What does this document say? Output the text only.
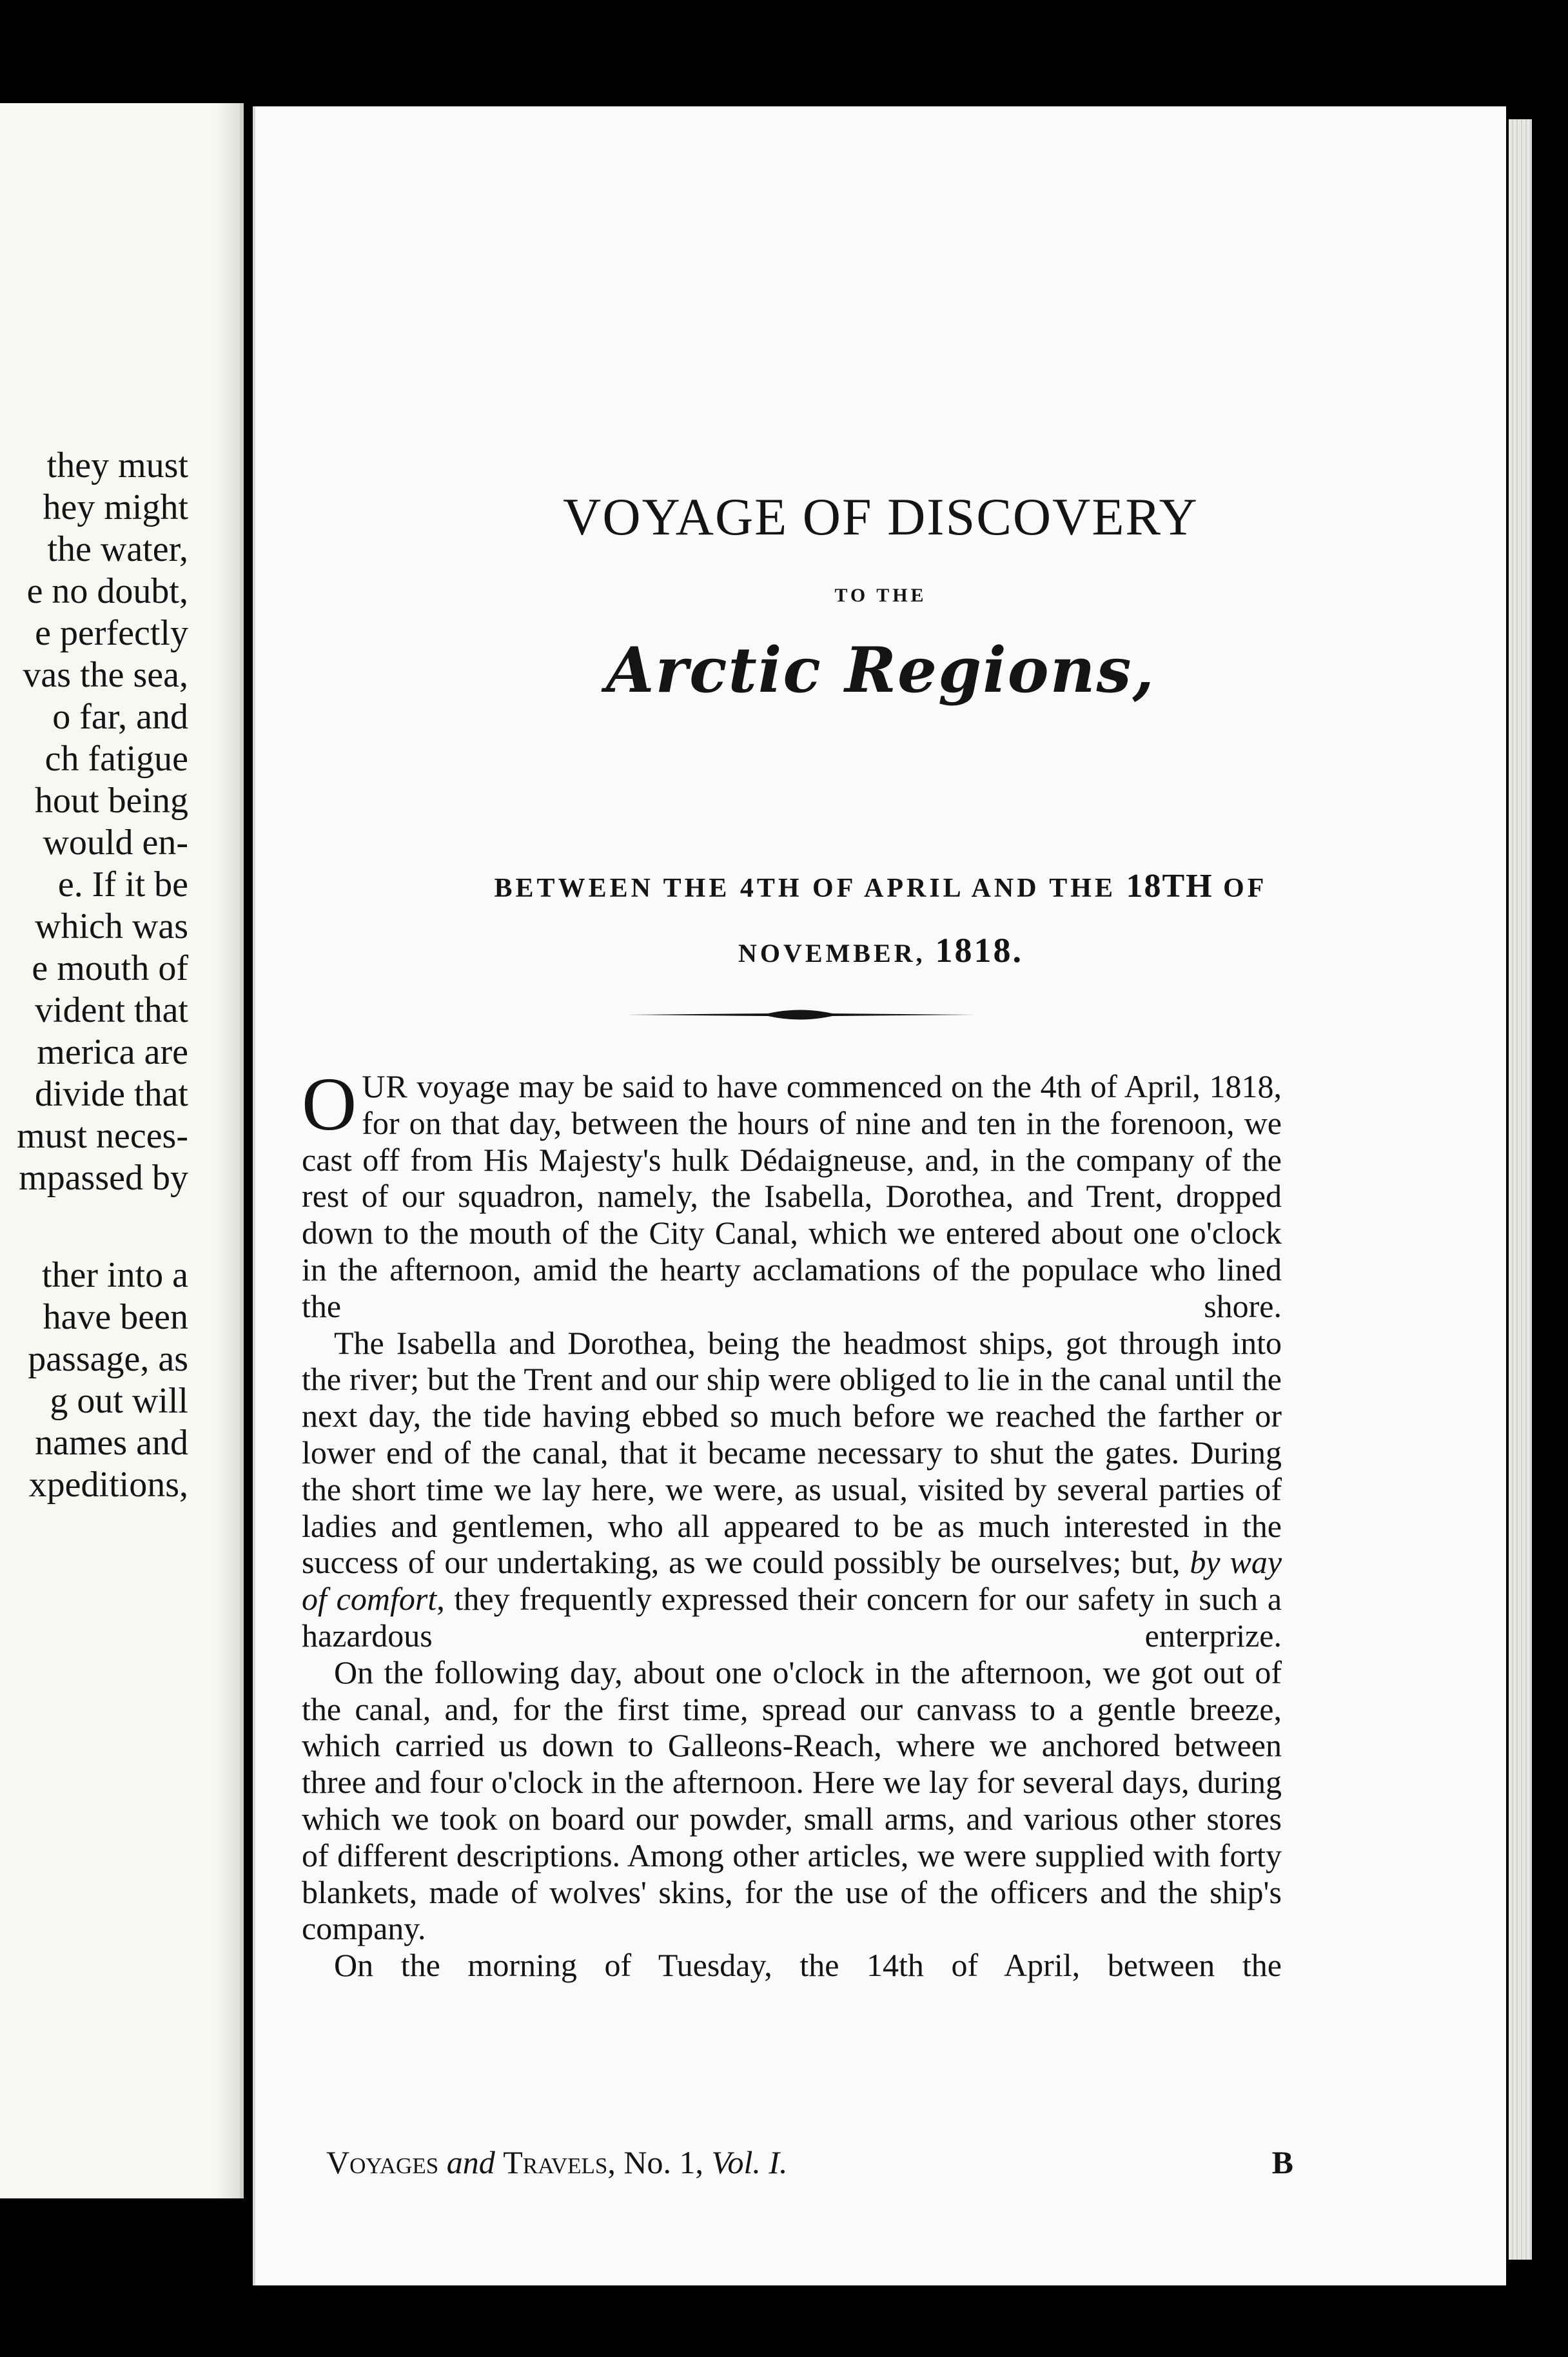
they must
hey might
the water,
e no doubt,
e perfectly
vas the sea,
o far, and
ch fatigue
hout being
would en-
e. If it be
which was
e mouth of
vident that
merica are
divide that
must neces-
mpassed by
ther into a
have been
passage, as
g out will
names and
xpeditions,
VOYAGE OF DISCOVERY
TO THE
Arctic Regions,
BETWEEN THE 4TH OF APRIL AND THE 18TH OF
NOVEMBER, 1818.

OUR voyage may be said to have commenced on the 4th of April, 1818, for on that day, between the hours of nine and ten in the forenoon, we cast off from His Majesty's hulk Dédaigneuse, and, in the company of the rest of our squadron, namely, the Isabella, Dorothea, and Trent, dropped down to the mouth of the City Canal, which we entered about one o'clock in the afternoon, amid the hearty acclamations of the populace who lined the shore.

The Isabella and Dorothea, being the headmost ships, got through into the river; but the Trent and our ship were obliged to lie in the canal until the next day, the tide having ebbed so much before we reached the farther or lower end of the canal, that it became necessary to shut the gates. During the short time we lay here, we were, as usual, visited by several parties of ladies and gentlemen, who all appeared to be as much interested in the success of our undertaking, as we could possibly be ourselves; but, by way of comfort, they frequently expressed their concern for our safety in such a hazardous enterprize.

On the following day, about one o'clock in the afternoon, we got out of the canal, and, for the first time, spread our canvass to a gentle breeze, which carried us down to Galleons-Reach, where we anchored between three and four o'clock in the afternoon. Here we lay for several days, during which we took on board our powder, small arms, and various other stores of different descriptions. Among other articles, we were supplied with forty blankets, made of wolves' skins, for the use of the officers and the ship's company.

On the morning of Tuesday, the 14th of April, between the

Voyages and Travels, No. 1, Vol. I.	B
